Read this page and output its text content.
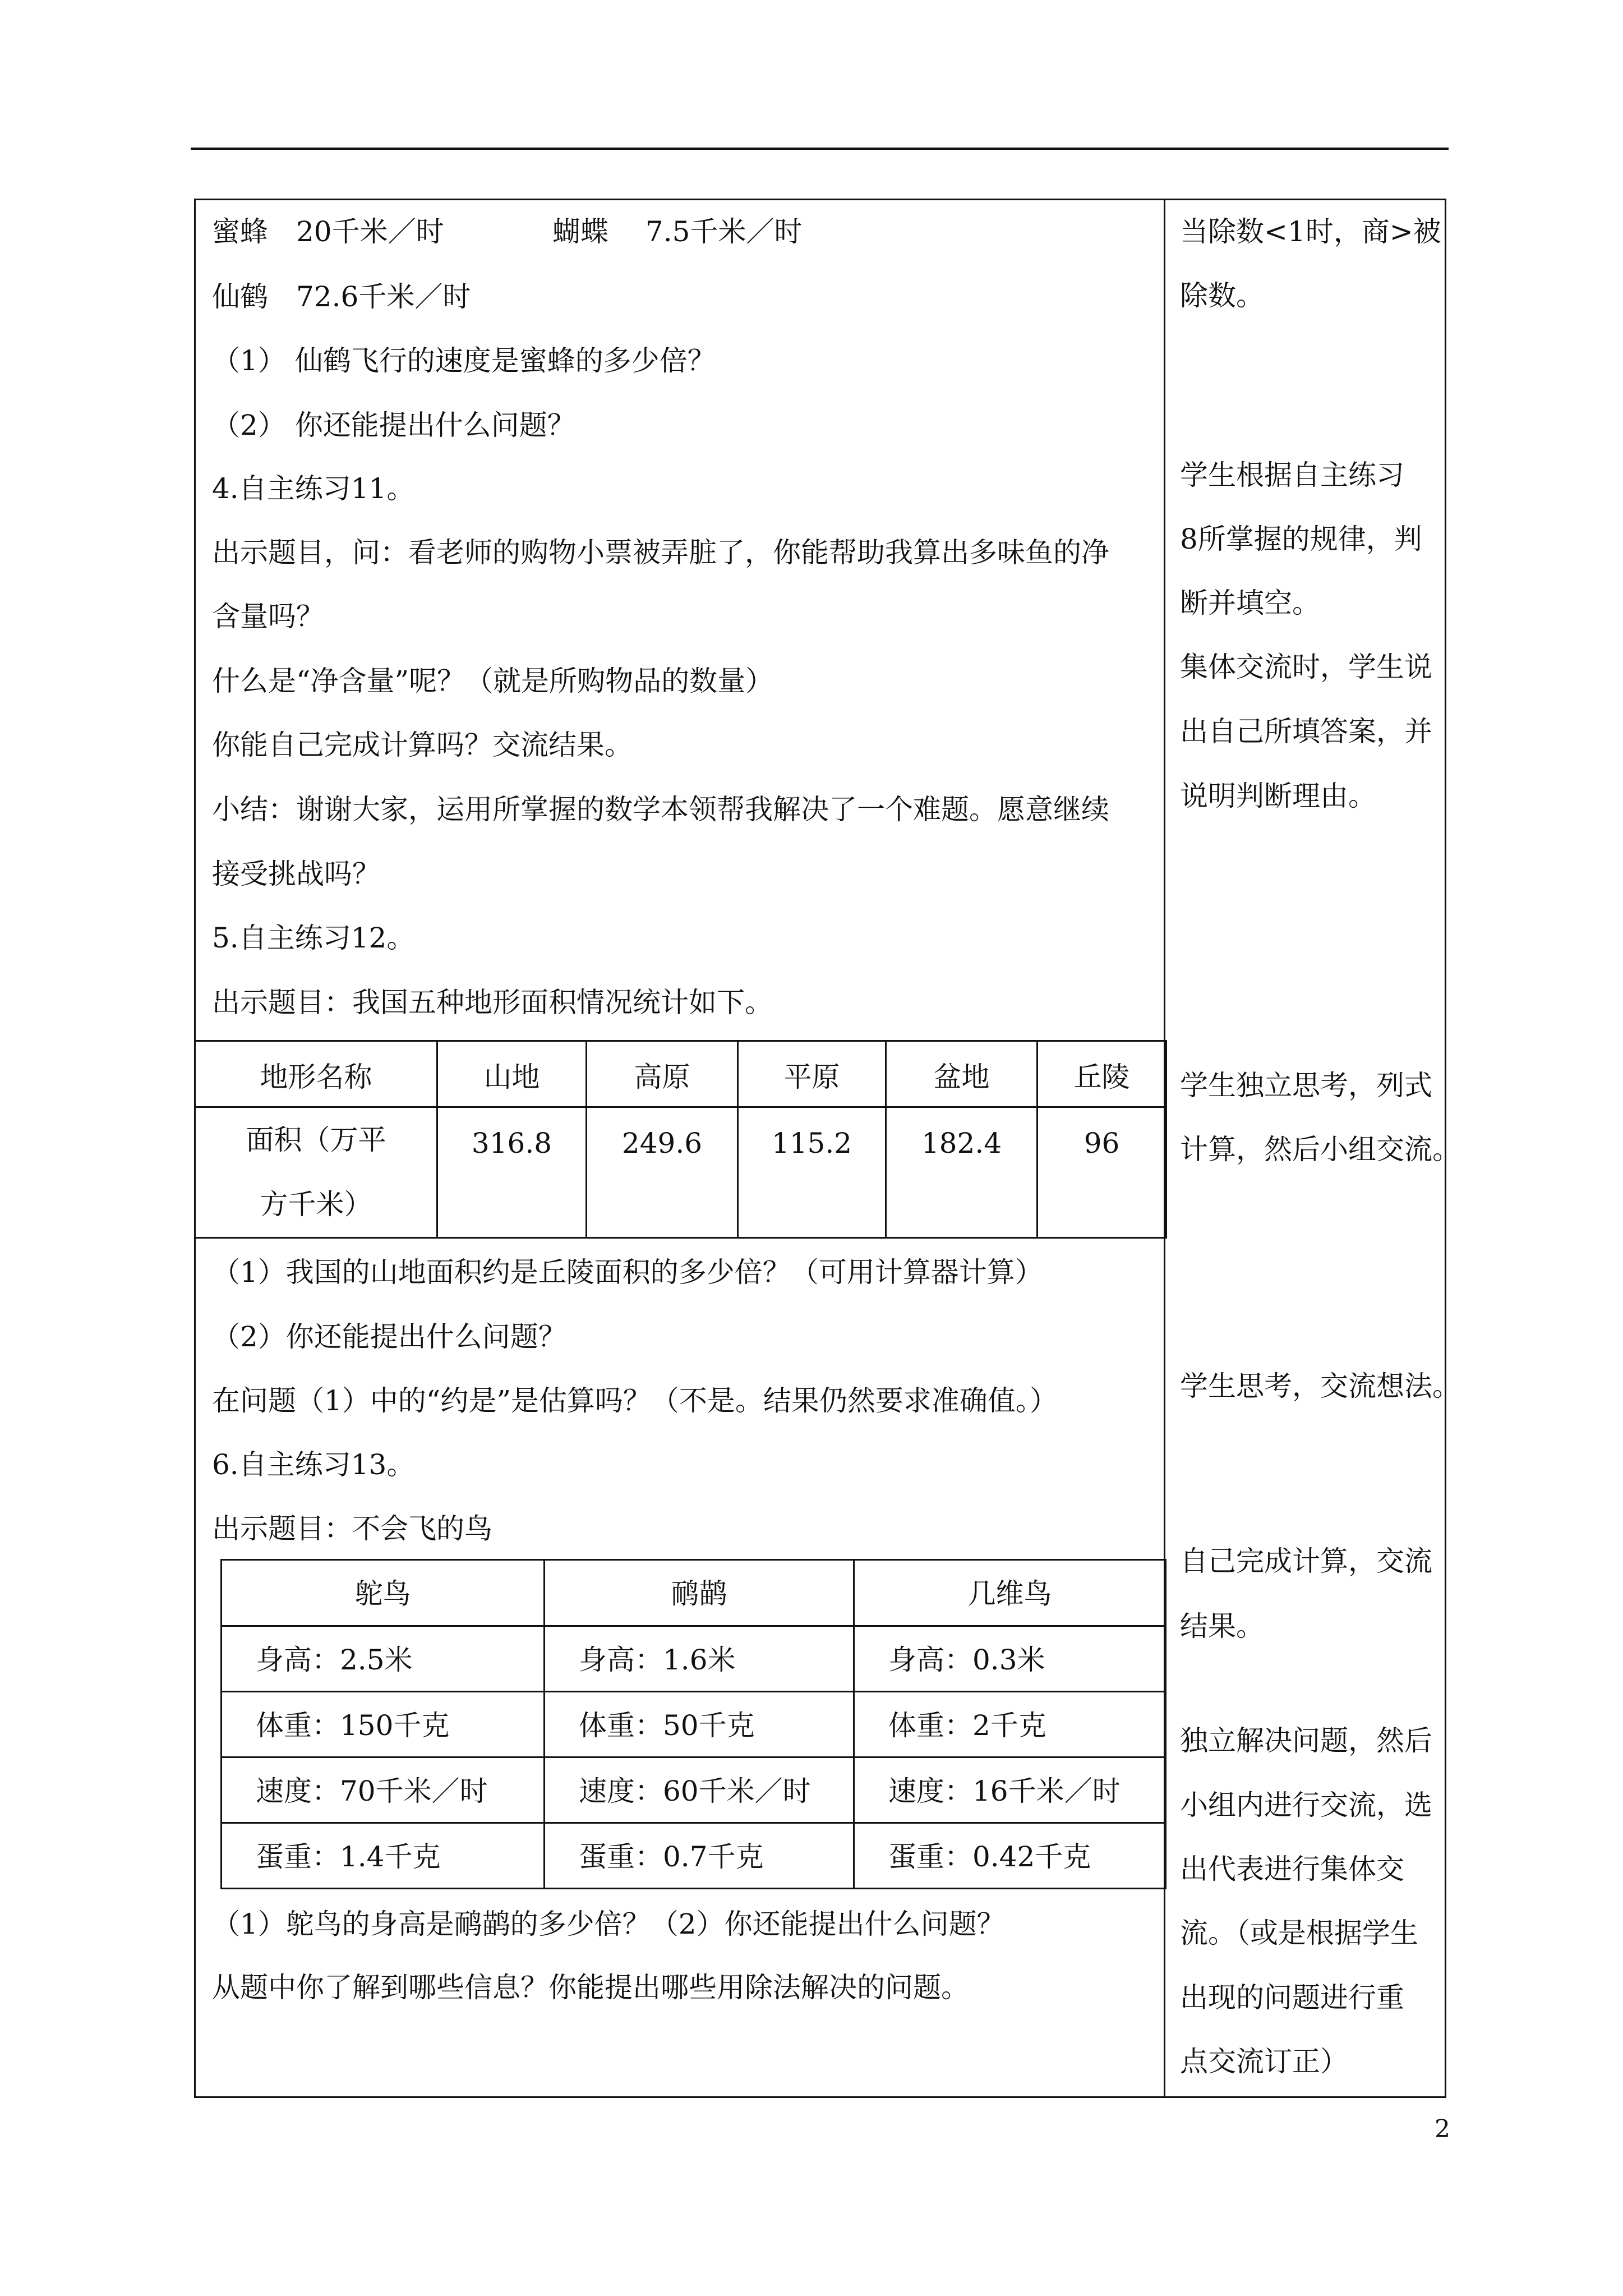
蜜蜂　20千米／时	蝴蝶　 7.5千米／时
仙鹤　72.6千米／时
（1） 仙鹤飞行的速度是蜜蜂的多少倍？
（2） 你还能提出什么问题？
4.自主练习11。
出示题目，问：看老师的购物小票被弄脏了，你能帮助我算出多味鱼的净
含量吗？
什么是“净含量”呢？（就是所购物品的数量）
你能自己完成计算吗？交流结果。
小结：谢谢大家，运用所掌握的数学本领帮我解决了一个难题。愿意继续
接受挑战吗？
5.自主练习12。
出示题目：我国五种地形面积情况统计如下。
地形名称	山地	高原	平原	盆地	丘陵
面积（万平方千米）	316.8	249.6	115.2	182.4	96
（1）我国的山地面积约是丘陵面积的多少倍？（可用计算器计算）
（2）你还能提出什么问题？
在问题（1）中的“约是”是估算吗？（不是。结果仍然要求准确值。）
6.自主练习13。
出示题目：不会飞的鸟
鸵鸟	鸸鹋	几维鸟
身高：2.5米	身高：1.6米	身高：0.3米
体重：150千克	体重：50千克	体重：2千克
速度：70千米／时	速度：60千米／时	速度：16千米／时
蛋重：1.4千克	蛋重：0.7千克	蛋重：0.42千克
（1）鸵鸟的身高是鸸鹋的多少倍？（2）你还能提出什么问题？
从题中你了解到哪些信息？你能提出哪些用除法解决的问题。
当除数<1时，商>被
除数。
学生根据自主练习
8所掌握的规律，判
断并填空。
集体交流时，学生说
出自己所填答案，并
说明判断理由。
学生独立思考，列式
计算，然后小组交流。
学生思考，交流想法。
自己完成计算，交流
结果。
独立解决问题，然后
小组内进行交流，选
出代表进行集体交
流。（或是根据学生
出现的问题进行重
点交流订正）
2
